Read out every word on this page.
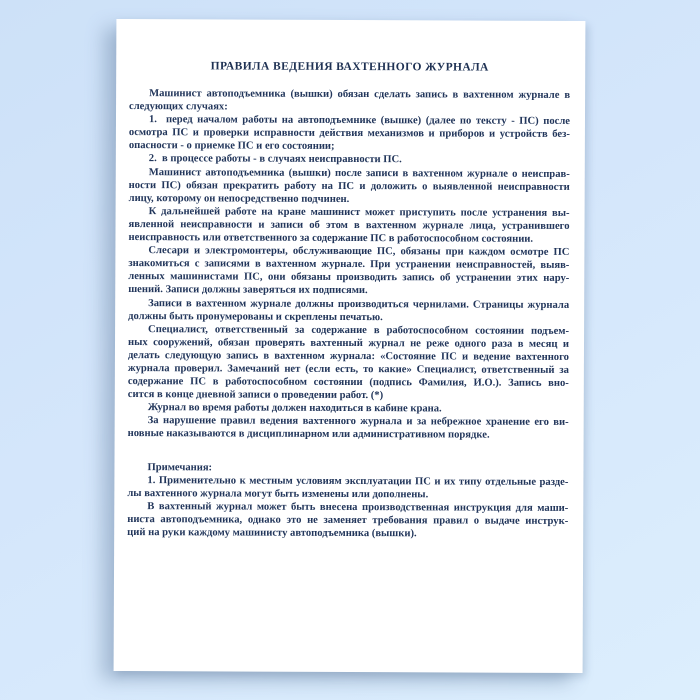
ПРАВИЛА ВЕДЕНИЯ ВАХТЕННОГО ЖУРНАЛА
Машинист автоподъемника (вышки) обязан сделать запись в вахтенном журнале в
следующих случаях:
1.  перед началом работы на автоподъемнике (вышке) (далее по тексту - ПС) после
осмотра ПС и проверки исправности действия механизмов и приборов и устройств без-
опасности - о приемке ПС и его состоянии;
2.  в процессе работы - в случаях неисправности ПС.
Машинист автоподъемника (вышки) после записи в вахтенном журнале о неисправ-
ности ПС) обязан прекратить работу на ПС и доложить о выявленной неисправности
лицу, которому он непосредственно подчинен.
К дальнейшей работе на кране машинист может приступить после устранения вы-
явленной неисправности и записи об этом в вахтенном журнале лица, устранившего
неисправность или ответственного за содержание ПС в работоспособном состоянии.
Слесари и электромонтеры, обслуживающие ПС, обязаны при каждом осмотре ПС
знакомиться с записями в вахтенном журнале. При устранении неисправностей, выяв-
ленных машинистами ПС, они обязаны производить запись об устранении этих нару-
шений. Записи должны заверяться их подписями.
Записи в вахтенном журнале должны производиться чернилами. Страницы журнала
должны быть пронумерованы и скреплены печатью.
Специалист, ответственный за содержание в работоспособном состоянии подъем-
ных сооружений, обязан проверять вахтенный журнал не реже одного раза в месяц и
делать следующую запись в вахтенном журнала: «Состояние ПС и ведение вахтенного
журнала проверил. Замечаний нет (если есть, то какие» Специалист, ответственный за
содержание ПС в работоспособном состоянии (подпись Фамилия, И.О.). Запись вно-
сится в конце дневной записи о проведении работ. (*)
Журнал во время работы должен находиться в кабине крана.
За нарушение правил ведения вахтенного журнала и за небрежное хранение его ви-
новные наказываются в дисциплинарном или административном порядке.
Примечания:
1. Применительно к местным условиям эксплуатации ПС и их типу отдельные разде-
лы вахтенного журнала могут быть изменены или дополнены.
В вахтенный журнал может быть внесена производственная инструкция для маши-
ниста автоподъемника, однако это не заменяет требования правил о выдаче инструк-
ций на руки каждому машинисту автоподъемника (вышки).
